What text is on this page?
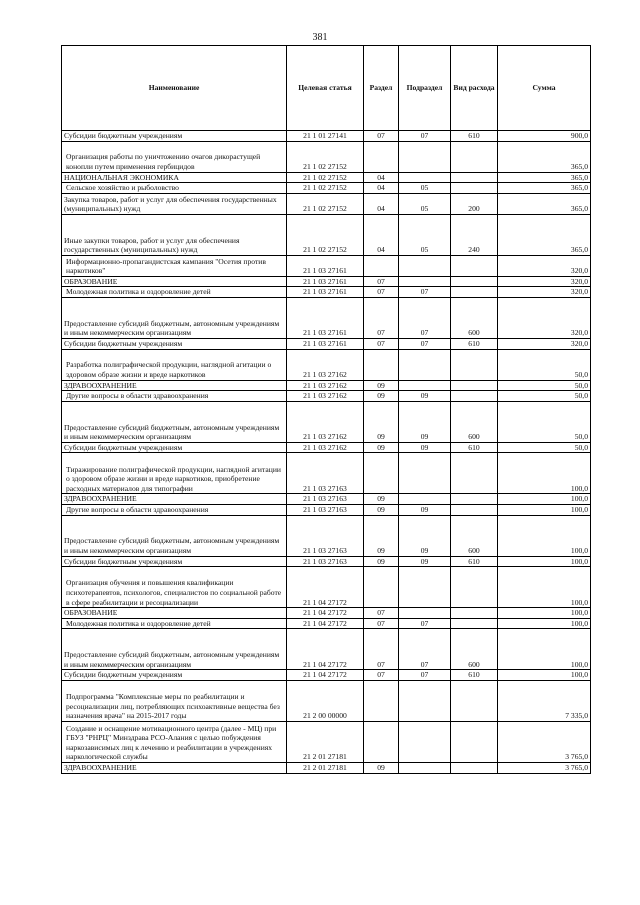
381
Наименование	Целевая статья	Раздел	Подраздел	Вид расхода	Сумма
Субсидии бюджетным учреждениям	21 1 01 27141	07	07	610	900,0
Организация работы по уничтожению очагов дикорастущей конопли путем применения гербицидов	21 1 02 27152				365,0
НАЦИОНАЛЬНАЯ ЭКОНОМИКА	21 1 02 27152	04			365,0
Сельское хозяйство и рыболовство	21 1 02 27152	04	05		365,0
Закупка товаров, работ и услуг для обеспечения государственных (муниципальных) нужд	21 1 02 27152	04	05	200	365,0
Иные закупки товаров, работ и услуг для обеспечения государственных (муниципальных) нужд	21 1 02 27152	04	05	240	365,0
Информационно-пропагандистская кампания "Осетия против наркотиков"	21 1 03 27161				320,0
ОБРАЗОВАНИЕ	21 1 03 27161	07			320,0
Молодежная политика и оздоровление детей	21 1 03 27161	07	07		320,0
Предоставление субсидий бюджетным, автономным учреждениям и иным некоммерческим организациям	21 1 03 27161	07	07	600	320,0
Субсидии бюджетным учреждениям	21 1 03 27161	07	07	610	320,0
Разработка полиграфической продукции, наглядной агитации о здоровом образе жизни и вреде наркотиков	21 1 03 27162				50,0
ЗДРАВООХРАНЕНИЕ	21 1 03 27162	09			50,0
Другие вопросы в области здравоохранения	21 1 03 27162	09	09		50,0
Предоставление субсидий бюджетным, автономным учреждениям и иным некоммерческим организациям	21 1 03 27162	09	09	600	50,0
Субсидии бюджетным учреждениям	21 1 03 27162	09	09	610	50,0
Тиражирование полиграфической продукции, наглядной агитации о здоровом образе жизни и вреде наркотиков, приобретение расходных материалов для типографии	21 1 03 27163				100,0
ЗДРАВООХРАНЕНИЕ	21 1 03 27163	09			100,0
Другие вопросы в области здравоохранения	21 1 03 27163	09	09		100,0
Предоставление субсидий бюджетным, автономным учреждениям и иным некоммерческим организациям	21 1 03 27163	09	09	600	100,0
Субсидии бюджетным учреждениям	21 1 03 27163	09	09	610	100,0
Организация обучения и повышения квалификации психотерапевтов, психологов, специалистов по социальной работе в сфере реабилитации и ресоциализации	21 1 04 27172				100,0
ОБРАЗОВАНИЕ	21 1 04 27172	07			100,0
Молодежная политика и оздоровление детей	21 1 04 27172	07	07		100,0
Предоставление субсидий бюджетным, автономным учреждениям и иным некоммерческим организациям	21 1 04 27172	07	07	600	100,0
Субсидии бюджетным учреждениям	21 1 04 27172	07	07	610	100,0
Подпрограмма "Комплексные меры по реабилитации и ресоциализации лиц, потребляющих психоактивные вещества без назначения врача" на 2015-2017 годы	21 2 00 00000				7 335,0
Создание и оснащение мотивационного центра (далее - МЦ) при ГБУЗ "РНРЦ" Минздрава РСО-Алания с целью побуждения наркозависимых лиц к лечению и реабилитации в учреждениях наркологической службы	21 2 01 27181				3 765,0
ЗДРАВООХРАНЕНИЕ	21 2 01 27181	09			3 765,0
